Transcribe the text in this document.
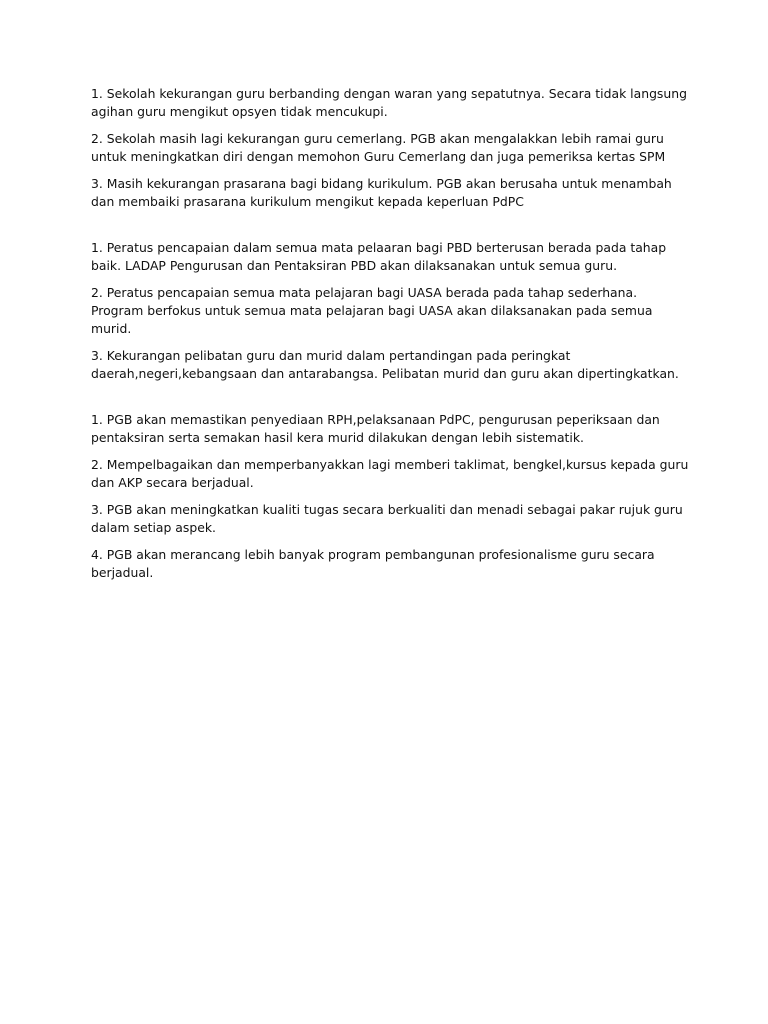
1. Sekolah kekurangan guru berbanding dengan waran yang sepatutnya. Secara tidak langsung agihan guru mengikut opsyen tidak mencukupi.

2. Sekolah masih lagi kekurangan guru cemerlang. PGB akan mengalakkan lebih ramai guru untuk meningkatkan diri dengan memohon Guru Cemerlang dan juga pemeriksa kertas SPM

3. Masih kekurangan prasarana bagi bidang kurikulum. PGB akan berusaha untuk menambah dan membaiki prasarana kurikulum mengikut kepada keperluan PdPC

1. Peratus pencapaian dalam semua mata pelaaran bagi PBD berterusan berada pada tahap baik. LADAP Pengurusan dan Pentaksiran PBD akan dilaksanakan untuk semua guru.

2. Peratus pencapaian semua mata pelajaran bagi UASA berada pada tahap sederhana. Program berfokus untuk semua mata pelajaran bagi UASA akan dilaksanakan pada semua murid.

3. Kekurangan pelibatan guru dan murid dalam pertandingan pada peringkat daerah,negeri,kebangsaan dan antarabangsa. Pelibatan murid dan guru akan dipertingkatkan.

1. PGB akan memastikan penyediaan RPH,pelaksanaan PdPC, pengurusan peperiksaan dan pentaksiran serta semakan hasil kera murid dilakukan dengan lebih sistematik.

2. Mempelbagaikan dan memperbanyakkan lagi memberi taklimat, bengkel,kursus kepada guru dan AKP secara berjadual.

3. PGB akan meningkatkan kualiti tugas secara berkualiti dan menadi sebagai pakar rujuk guru dalam setiap aspek.

4. PGB akan merancang lebih banyak program pembangunan profesionalisme guru secara berjadual.
